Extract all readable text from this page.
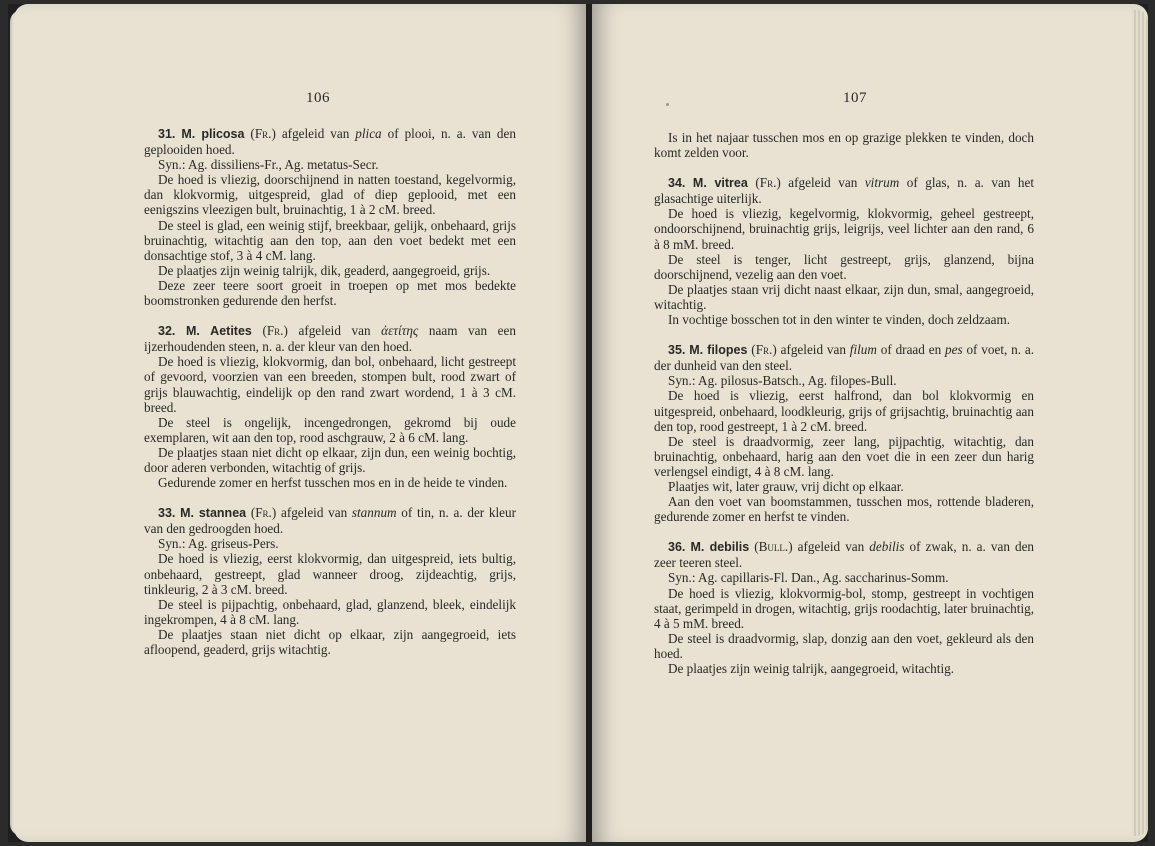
106

31. M. plicosa (Fr.) afgeleid van plica of plooi, n. a. van den geplooiden hoed.

Syn.: Ag. dissiliens-Fr., Ag. metatus-Secr.

De hoed is vliezig, doorschijnend in natten toestand, kegelvormig, dan klokvormig, uitgespreid, glad of diep geplooid, met een eenigszins vleezigen bult, bruinachtig, 1 à 2 cM. breed.

De steel is glad, een weinig stijf, breekbaar, gelijk, onbehaard, grijs bruinachtig, witachtig aan den top, aan den voet bedekt met een donsachtige stof, 3 à 4 cM. lang.

De plaatjes zijn weinig talrijk, dik, geaderd, aangegroeid, grijs.

Deze zeer teere soort groeit in troepen op met mos bedekte boomstronken gedurende den herfst.

32. M. Aetites (Fr.) afgeleid van ἀετίτης naam van een ijzerhoudenden steen, n. a. der kleur van den hoed.

De hoed is vliezig, klokvormig, dan bol, onbehaard, licht gestreept of gevoord, voorzien van een breeden, stompen bult, rood zwart of grijs blauwachtig, eindelijk op den rand zwart wordend, 1 à 3 cM. breed.

De steel is ongelijk, incengedrongen, gekromd bij oude exemplaren, wit aan den top, rood aschgrauw, 2 à 6 cM. lang.

De plaatjes staan niet dicht op elkaar, zijn dun, een weinig bochtig, door aderen verbonden, witachtig of grijs.

Gedurende zomer en herfst tusschen mos en in de heide te vinden.

33. M. stannea (Fr.) afgeleid van stannum of tin, n. a. der kleur van den gedroogden hoed.

Syn.: Ag. griseus-Pers.

De hoed is vliezig, eerst klokvormig, dan uitgespreid, iets bultig, onbehaard, gestreept, glad wanneer droog, zijdeachtig, grijs, tinkleurig, 2 à 3 cM. breed.

De steel is pijpachtig, onbehaard, glad, glanzend, bleek, eindelijk ingekrompen, 4 à 8 cM. lang.

De plaatjes staan niet dicht op elkaar, zijn aangegroeid, iets afloopend, geaderd, grijs witachtig.

107

Is in het najaar tusschen mos en op grazige plekken te vinden, doch komt zelden voor.

34. M. vitrea (Fr.) afgeleid van vitrum of glas, n. a. van het glasachtige uiterlijk.

De hoed is vliezig, kegelvormig, klokvormig, geheel gestreept, ondoorschijnend, bruinachtig grijs, leigrijs, veel lichter aan den rand, 6 à 8 mM. breed.

De steel is tenger, licht gestreept, grijs, glanzend, bijna doorschijnend, vezelig aan den voet.

De plaatjes staan vrij dicht naast elkaar, zijn dun, smal, aangegroeid, witachtig.

In vochtige bosschen tot in den winter te vinden, doch zeldzaam.

35. M. filopes (Fr.) afgeleid van filum of draad en pes of voet, n. a. der dunheid van den steel.

Syn.: Ag. pilosus-Batsch., Ag. filopes-Bull.

De hoed is vliezig, eerst halfrond, dan bol klokvormig en uitgespreid, onbehaard, loodkleurig, grijs of grijsachtig, bruinachtig aan den top, rood gestreept, 1 à 2 cM. breed.

De steel is draadvormig, zeer lang, pijpachtig, witachtig, dan bruinachtig, onbehaard, harig aan den voet die in een zeer dun harig verlengsel eindigt, 4 à 8 cM. lang.

Plaatjes wit, later grauw, vrij dicht op elkaar.

Aan den voet van boomstammen, tusschen mos, rottende bladeren, gedurende zomer en herfst te vinden.

36. M. debilis (Bull.) afgeleid van debilis of zwak, n. a. van den zeer teeren steel.

Syn.: Ag. capillaris-Fl. Dan., Ag. saccharinus-Somm.

De hoed is vliezig, klokvormig-bol, stomp, gestreept in vochtigen staat, gerimpeld in drogen, witachtig, grijs roodachtig, later bruinachtig, 4 à 5 mM. breed.

De steel is draadvormig, slap, donzig aan den voet, gekleurd als den hoed.

De plaatjes zijn weinig talrijk, aangegroeid, witachtig.
